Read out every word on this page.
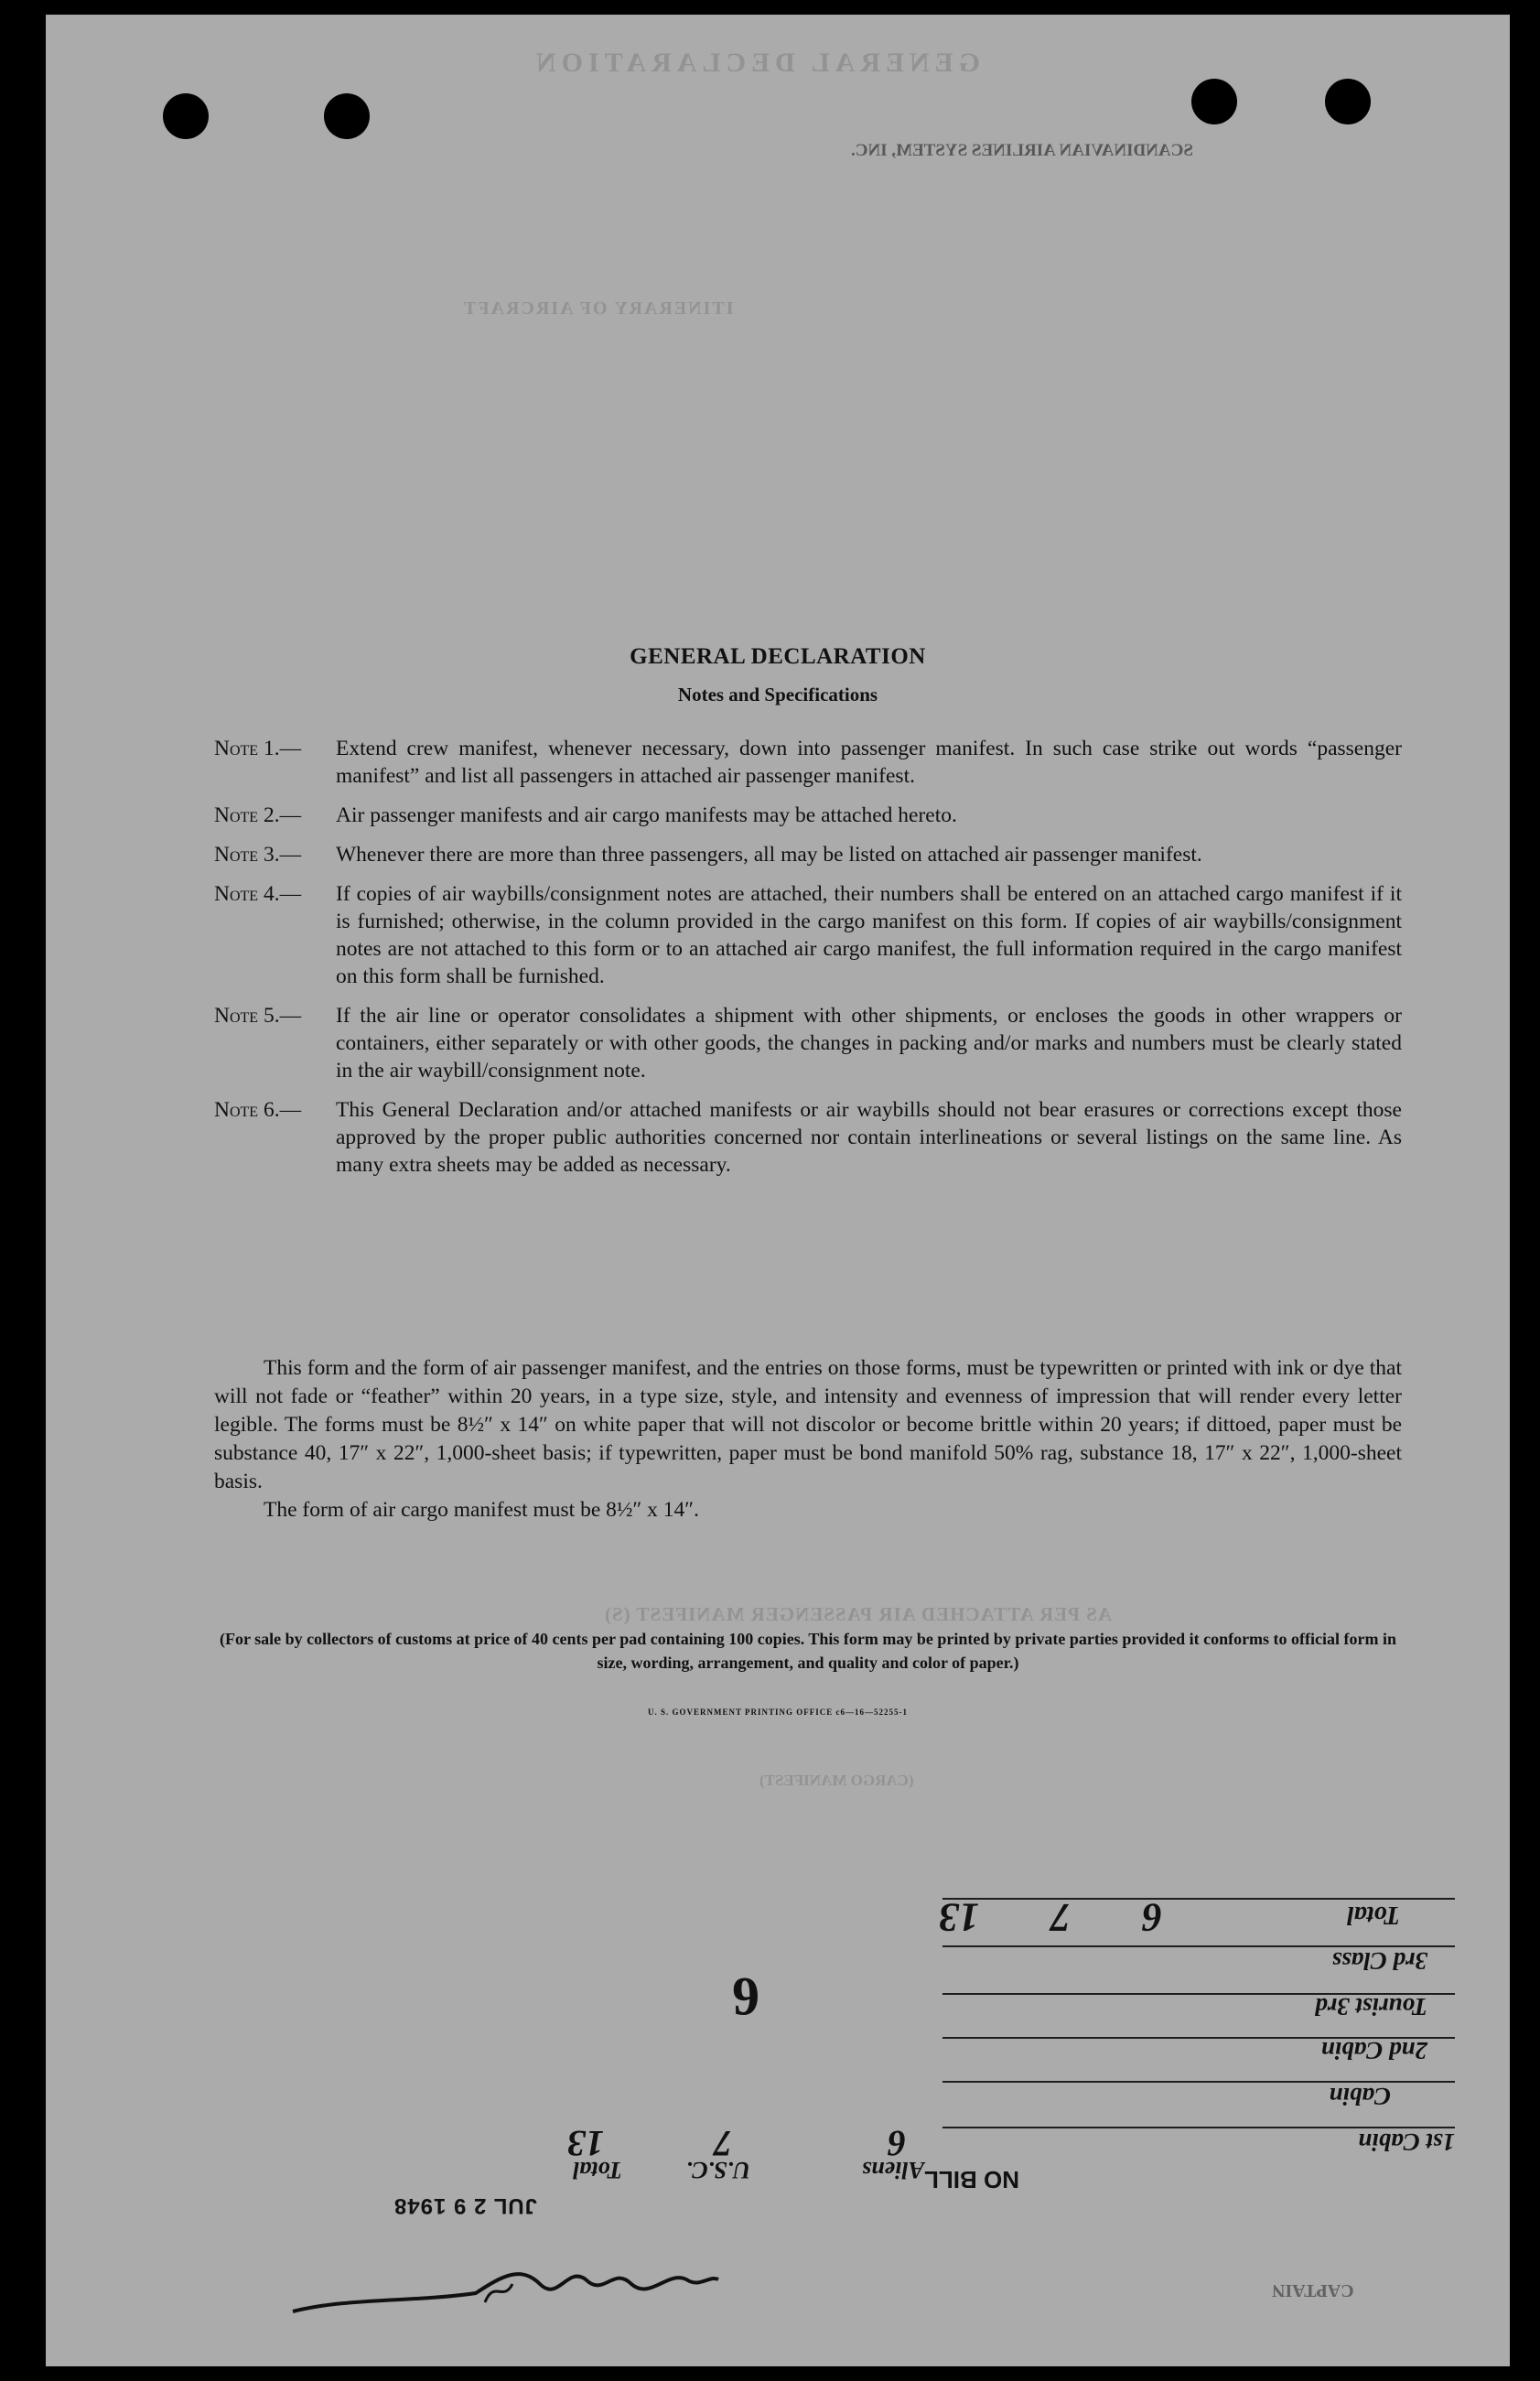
GENERAL DECLARATION
SCANDINAVIAN AIRLINES SYSTEM, INC.
ITINERARY OF AIRCRAFT
AS PER ATTACHED AIR PASSENGER MANIFEST (S)
(CARGO MANIFEST)
CAPTAIN
GENERAL DECLARATION
Notes and Specifications
Note 1.— Extend crew manifest, whenever necessary, down into passenger manifest. In such case strike out words “passenger manifest” and list all passengers in attached air passenger manifest.

Note 2.— Air passenger manifests and air cargo manifests may be attached hereto.

Note 3.— Whenever there are more than three passengers, all may be listed on attached air passenger manifest.

Note 4.— If copies of air waybills/consignment notes are attached, their numbers shall be entered on an attached cargo manifest if it is furnished; otherwise, in the column provided in the cargo manifest on this form. If copies of air waybills/consignment notes are not attached to this form or to an attached air cargo manifest, the full information required in the cargo manifest on this form shall be furnished.

Note 5.— If the air line or operator consolidates a shipment with other shipments, or encloses the goods in other wrappers or containers, either separately or with other goods, the changes in packing and/or marks and numbers must be clearly stated in the air waybill/consignment note.

Note 6.— This General Declaration and/or attached manifests or air waybills should not bear erasures or corrections except those approved by the proper public authorities concerned nor contain interlineations or several listings on the same line. As many extra sheets may be added as necessary.

This form and the form of air passenger manifest, and the entries on those forms, must be typewritten or printed with ink or dye that will not fade or “feather” within 20 years, in a type size, style, and intensity and evenness of impression that will render every letter legible. The forms must be 8½″ x 14″ on white paper that will not discolor or become brittle within 20 years; if dittoed, paper must be substance 40, 17″ x 22″, 1,000-sheet basis; if typewritten, paper must be bond manifold 50% rag, substance 18, 17″ x 22″, 1,000-sheet basis.

The form of air cargo manifest must be 8½″ x 14″.

(For sale by collectors of customs at price of 40 cents per pad containing 100 copies. This form may be printed by private parties provided it conforms to official form in size, wording, arrangement, and quality and color of paper.)
U. S. GOVERNMENT PRINTING OFFICE c6—16—52255-1
Aliens
U.S.C.
Total
1st Cabin
6
7
13
Cabin
2nd Cabin
Tourist 3rd
3rd Class
Total
6
7
13
6
NO BILL
JUL 2 9 1948
